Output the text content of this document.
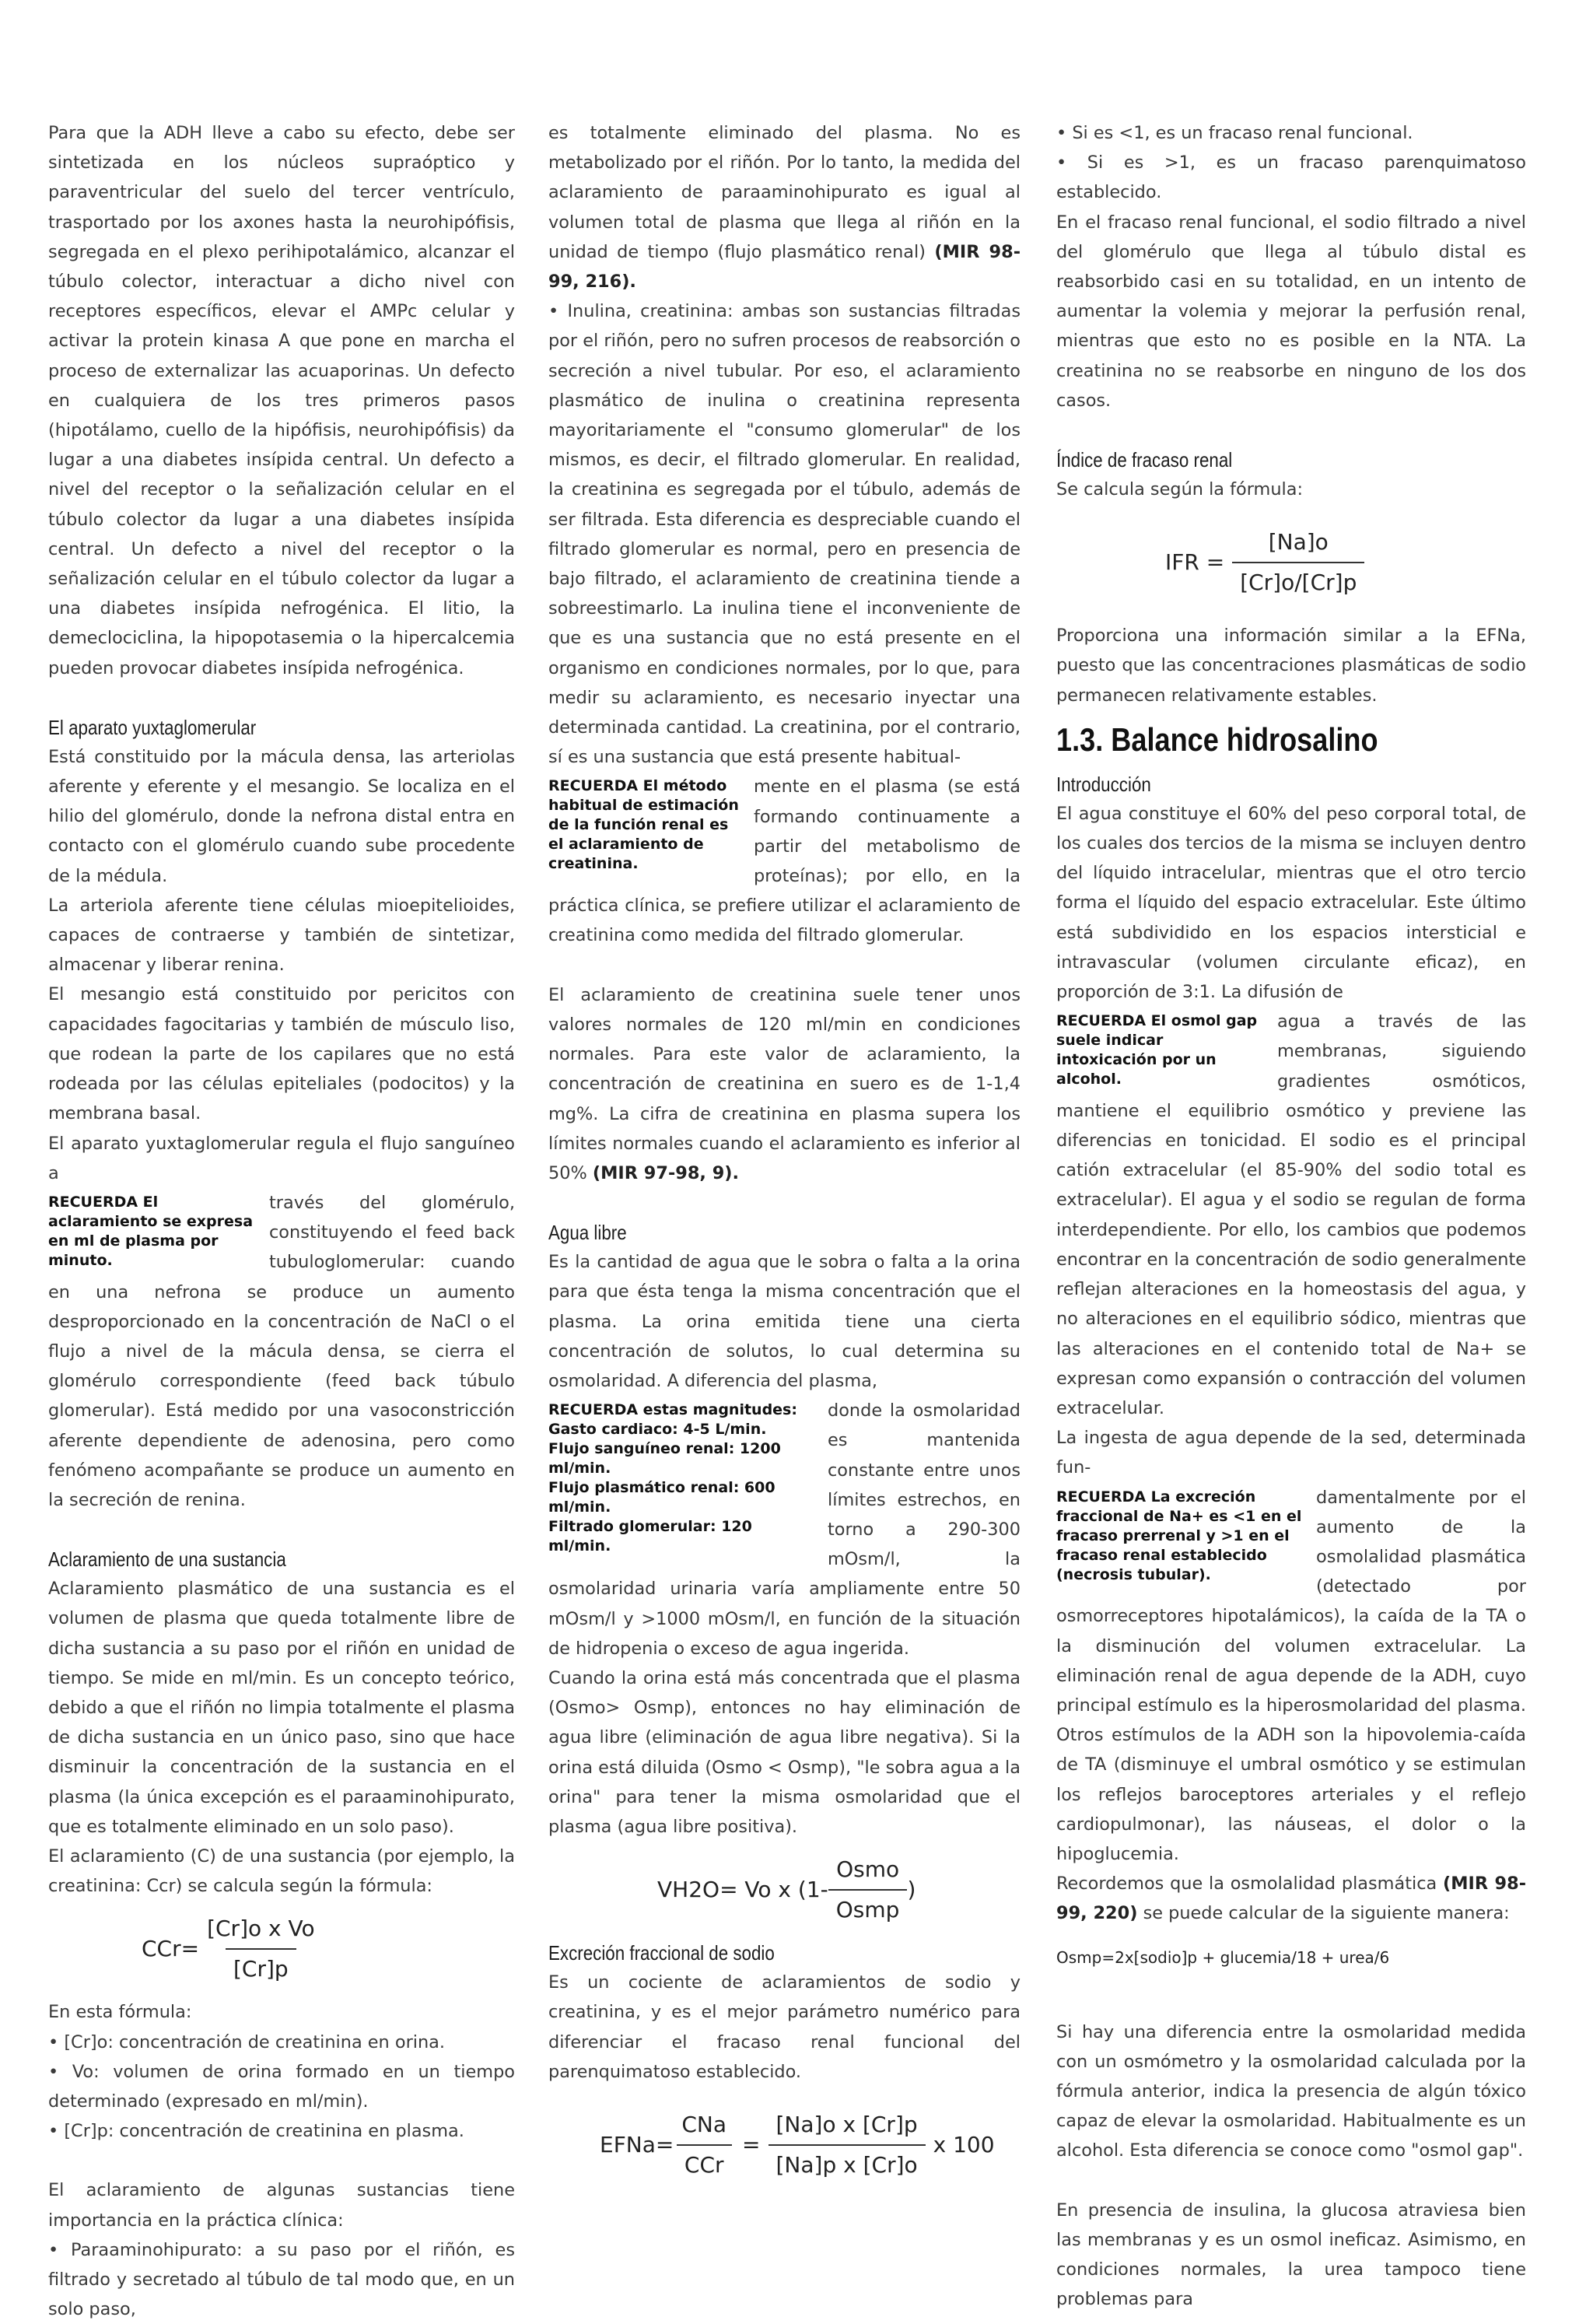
Para que la ADH lleve a cabo su efecto, debe ser sintetizada en los núcleos supraóptico y paraventricular del suelo del tercer ventrículo, trasportado por los axones hasta la neurohipófisis, segregada en el plexo perihipotalámico, alcanzar el túbulo colector, interactuar a dicho nivel con receptores específicos, elevar el AMPc celular y activar la protein kinasa A que pone en marcha el proceso de externalizar las acuaporinas. Un defecto en cualquiera de los tres primeros pasos (hipotálamo, cuello de la hipófisis, neurohipófisis) da lugar a una diabetes insípida central. Un defecto a nivel del receptor o la señalización celular en el túbulo colector da lugar a una diabetes insípida central. Un defecto a nivel del receptor o la señalización celular en el túbulo colector da lugar a una diabetes insípida nefrogénica. El litio, la demeclociclina, la hipopotasemia o la hipercalcemia pueden provocar diabetes insípida nefrogénica.

El aparato yuxtaglomerular

Está constituido por la mácula densa, las arteriolas aferente y eferente y el mesangio. Se localiza en el hilio del glomérulo, donde la nefrona distal entra en contacto con el glomérulo cuando sube procedente de la médula.

La arteriola aferente tiene células mioepitelioides, capaces de contraerse y también de sintetizar, almacenar y liberar renina.

El mesangio está constituido por pericitos con capacidades fagocitarias y también de músculo liso, que rodean la parte de los capilares que no está rodeada por las células epiteliales (podocitos) y la membrana basal.

El aparato yuxtaglomerular regula el flujo sanguíneo a

RECUERDA El aclaramiento se expresa en ml de plasma por minuto.

través del glomérulo, constituyendo el feed back tubuloglomerular: cuando en una nefrona se produce un aumento desproporcionado en la concentración de NaCl o el flujo a nivel de la mácula densa, se cierra el glomérulo correspondiente (feed back túbulo glomerular). Está medido por una vasoconstricción aferente dependiente de adenosina, pero como fenómeno acompañante se produce un aumento en la secreción de renina.

Aclaramiento de una sustancia

Aclaramiento plasmático de una sustancia es el volumen de plasma que queda totalmente libre de dicha sustancia a su paso por el riñón en unidad de tiempo. Se mide en ml/min. Es un concepto teórico, debido a que el riñón no limpia totalmente el plasma de dicha sustancia en un único paso, sino que hace disminuir la concentración de la sustancia en el plasma (la única excepción es el paraaminohipurato, que es totalmente eliminado en un solo paso).

El aclaramiento (C) de una sustancia (por ejemplo, la creatinina: Ccr) se calcula según la fórmula:

$CCr= \frac{\text{[Cr]o x Vo}}{[Cr]p}$

En esta fórmula:

• [Cr]o: concentración de creatinina en orina.

• Vo: volumen de orina formado en un tiempo determinado (expresado en ml/min).

• [Cr]p: concentración de creatinina en plasma.

El aclaramiento de algunas sustancias tiene importancia en la práctica clínica:

• Paraaminohipurato: a su paso por el riñón, es filtrado y secretado al túbulo de tal modo que, en un solo paso,

es totalmente eliminado del plasma. No es metabolizado por el riñón. Por lo tanto, la medida del aclaramiento de paraaminohipurato es igual al volumen total de plasma que llega al riñón en la unidad de tiempo (flujo plasmático renal) (MIR 98-99, 216).

• Inulina, creatinina: ambas son sustancias filtradas por el riñón, pero no sufren procesos de reabsorción o secreción a nivel tubular. Por eso, el aclaramiento plasmático de inulina o creatinina representa mayoritariamente el "consumo glomerular" de los mismos, es decir, el filtrado glomerular. En realidad, la creatinina es segregada por el túbulo, además de ser filtrada. Esta diferencia es despreciable cuando el filtrado glomerular es normal, pero en presencia de bajo filtrado, el aclaramiento de creatinina tiende a sobreestimarlo. La inulina tiene el inconveniente de que es una sustancia que no está presente en el organismo en condiciones normales, por lo que, para medir su aclaramiento, es necesario inyectar una determinada cantidad. La creatinina, por el contrario, sí es una sustancia que está presente habitual-

RECUERDA El método habitual de estimación de la función renal es el aclaramiento de creatinina.

mente en el plasma (se está formando continuamente a partir del metabolismo de proteínas); por ello, en la práctica clínica, se prefiere utilizar el aclaramiento de creatinina como medida del filtrado glomerular.

El aclaramiento de creatinina suele tener unos valores normales de 120 ml/min en condiciones normales. Para este valor de aclaramiento, la concentración de creatinina en suero es de 1-1,4 mg%. La cifra de creatinina en plasma supera los límites normales cuando el aclaramiento es inferior al 50% (MIR 97-98, 9).

Agua libre

Es la cantidad de agua que le sobra o falta a la orina para que ésta tenga la misma concentración que el plasma. La orina emitida tiene una cierta concentración de solutos, lo cual determina su osmolaridad. A diferencia del plasma,

RECUERDA estas magnitudes:
Gasto cardiaco: 4-5 L/min.
Flujo sanguíneo renal: 1200 ml/min.
Flujo plasmático renal: 600 ml/min.
Filtrado glomerular: 120 ml/min.

donde la osmolaridad es mantenida constante entre unos límites estrechos, en torno a 290-300 mOsm/l, la osmolaridad urinaria varía ampliamente entre 50 mOsm/l y >1000 mOsm/l, en función de la situación de hidropenia o exceso de agua ingerida.

Cuando la orina está más concentrada que el plasma (Osmo> Osmp), entonces no hay eliminación de agua libre (eliminación de agua libre negativa). Si la orina está diluida (Osmo < Osmp), "le sobra agua a la orina" para tener la misma osmolaridad que el plasma (agua libre positiva).

VH2O= Vo x ($1- \frac{\text{Osmo}}{\text{Osmp}}$ )
Excreción fraccional de sodio

Es un cociente de aclaramientos de sodio y creatinina, y es el mejor parámetro numérico para diferenciar el fracaso renal funcional del parenquimatoso establecido.

EFNa= $\frac{\text{CNa}}{\text{CCr}} = \frac{\text{[Na]o x [Cr]p}}{\text{[Na]p x [Cr]o}}$ x 100

• Si es <1, es un fracaso renal funcional.

• Si es >1, es un fracaso parenquimatoso establecido.

En el fracaso renal funcional, el sodio filtrado a nivel del glomérulo que llega al túbulo distal es reabsorbido casi en su totalidad, en un intento de aumentar la volemia y mejorar la perfusión renal, mientras que esto no es posible en la NTA. La creatinina no se reabsorbe en ninguno de los dos casos.

Índice de fracaso renal

Se calcula según la fórmula:

IFR = $\frac{[Na]o}{[Cr]o/[Cr]p}$

Proporciona una información similar a la EFNa, puesto que las concentraciones plasmáticas de sodio permanecen relativamente estables.

1.3. Balance hidrosalino
Introducción

El agua constituye el 60% del peso corporal total, de los cuales dos tercios de la misma se incluyen dentro del líquido intracelular, mientras que el otro tercio forma el líquido del espacio extracelular. Este último está subdividido en los espacios intersticial e intravascular (volumen circulante eficaz), en proporción de 3:1. La difusión de

RECUERDA El osmol gap suele indicar intoxicación por un alcohol.

agua a través de las membranas, siguiendo gradientes osmóticos, mantiene el equilibrio osmótico y previene las diferencias en tonicidad. El sodio es el principal catión extracelular (el 85-90% del sodio total es extracelular). El agua y el sodio se regulan de forma interdependiente. Por ello, los cambios que podemos encontrar en la concentración de sodio generalmente reflejan alteraciones en la homeostasis del agua, y no alteraciones en el equilibrio sódico, mientras que las alteraciones en el contenido total de Na+ se expresan como expansión o contracción del volumen extracelular.

La ingesta de agua depende de la sed, determinada fun-

RECUERDA La excreción fraccional de Na+ es <1 en el fracaso prerrenal y >1 en el fracaso renal establecido (necrosis tubular).

damentalmente por el aumento de la osmolalidad plasmática (detectado por osmorreceptores hipotalámicos), la caída de la TA o la disminución del volumen extracelular. La eliminación renal de agua depende de la ADH, cuyo principal estímulo es la hiperosmolaridad del plasma. Otros estímulos de la ADH son la hipovolemia-caída de TA (disminuye el umbral osmótico y se estimulan los reflejos baroceptores arteriales y el reflejo cardiopulmonar), las náuseas, el dolor o la hipoglucemia.

Recordemos que la osmolalidad plasmática (MIR 98-99, 220) se puede calcular de la siguiente manera:

Osmp=2x[sodio]p + glucemia/18 + urea/6

Si hay una diferencia entre la osmolaridad medida con un osmómetro y la osmolaridad calculada por la fórmula anterior, indica la presencia de algún tóxico capaz de elevar la osmolaridad. Habitualmente es un alcohol. Esta diferencia se conoce como "osmol gap".

En presencia de insulina, la glucosa atraviesa bien las membranas y es un osmol ineficaz. Asimismo, en condiciones normales, la urea tampoco tiene problemas para
